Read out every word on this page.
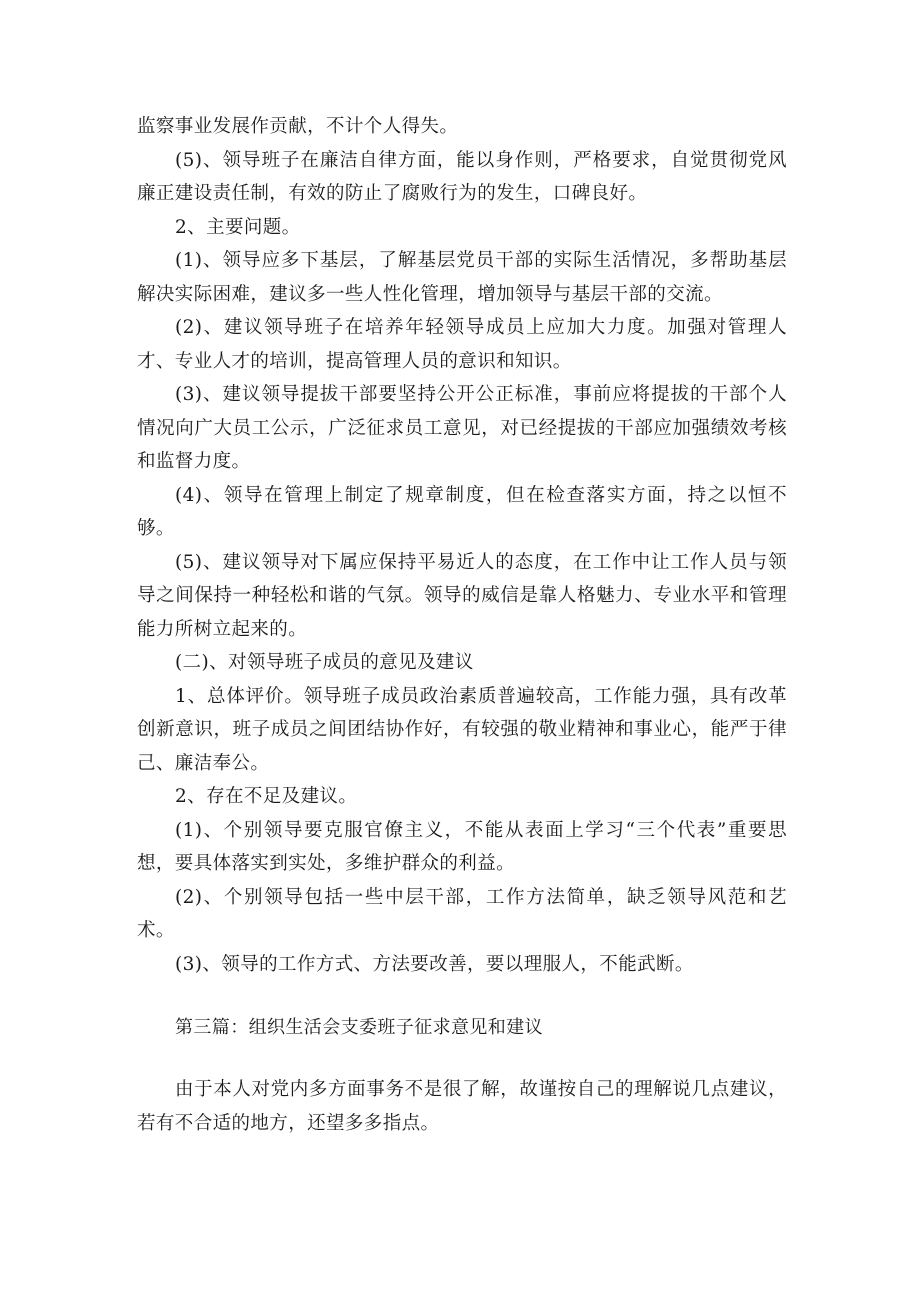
监察事业发展作贡献，不计个人得失。

(5)、领导班子在廉洁自律方面，能以身作则，严格要求，自觉贯彻党风廉正建设责任制，有效的防止了腐败行为的发生，口碑良好。

2、主要问题。

(1)、领导应多下基层，了解基层党员干部的实际生活情况，多帮助基层解决实际困难，建议多一些人性化管理，增加领导与基层干部的交流。

(2)、建议领导班子在培养年轻领导成员上应加大力度。加强对管理人才、专业人才的培训，提高管理人员的意识和知识。

(3)、建议领导提拔干部要坚持公开公正标准，事前应将提拔的干部个人情况向广大员工公示，广泛征求员工意见，对已经提拔的干部应加强绩效考核和监督力度。

(4)、领导在管理上制定了规章制度，但在检查落实方面，持之以恒不够。

(5)、建议领导对下属应保持平易近人的态度，在工作中让工作人员与领导之间保持一种轻松和谐的气氛。领导的威信是靠人格魅力、专业水平和管理能力所树立起来的。

(二)、对领导班子成员的意见及建议

1、总体评价。领导班子成员政治素质普遍较高，工作能力强，具有改革创新意识，班子成员之间团结协作好，有较强的敬业精神和事业心，能严于律己、廉洁奉公。

2、存在不足及建议。

(1)、个别领导要克服官僚主义，不能从表面上学习“三个代表”重要思想，要具体落实到实处，多维护群众的利益。

(2)、个别领导包括一些中层干部，工作方法简单，缺乏领导风范和艺术。

(3)、领导的工作方式、方法要改善，要以理服人，不能武断。

第三篇：组织生活会支委班子征求意见和建议

由于本人对党内多方面事务不是很了解，故谨按自己的理解说几点建议，若有不合适的地方，还望多多指点。
